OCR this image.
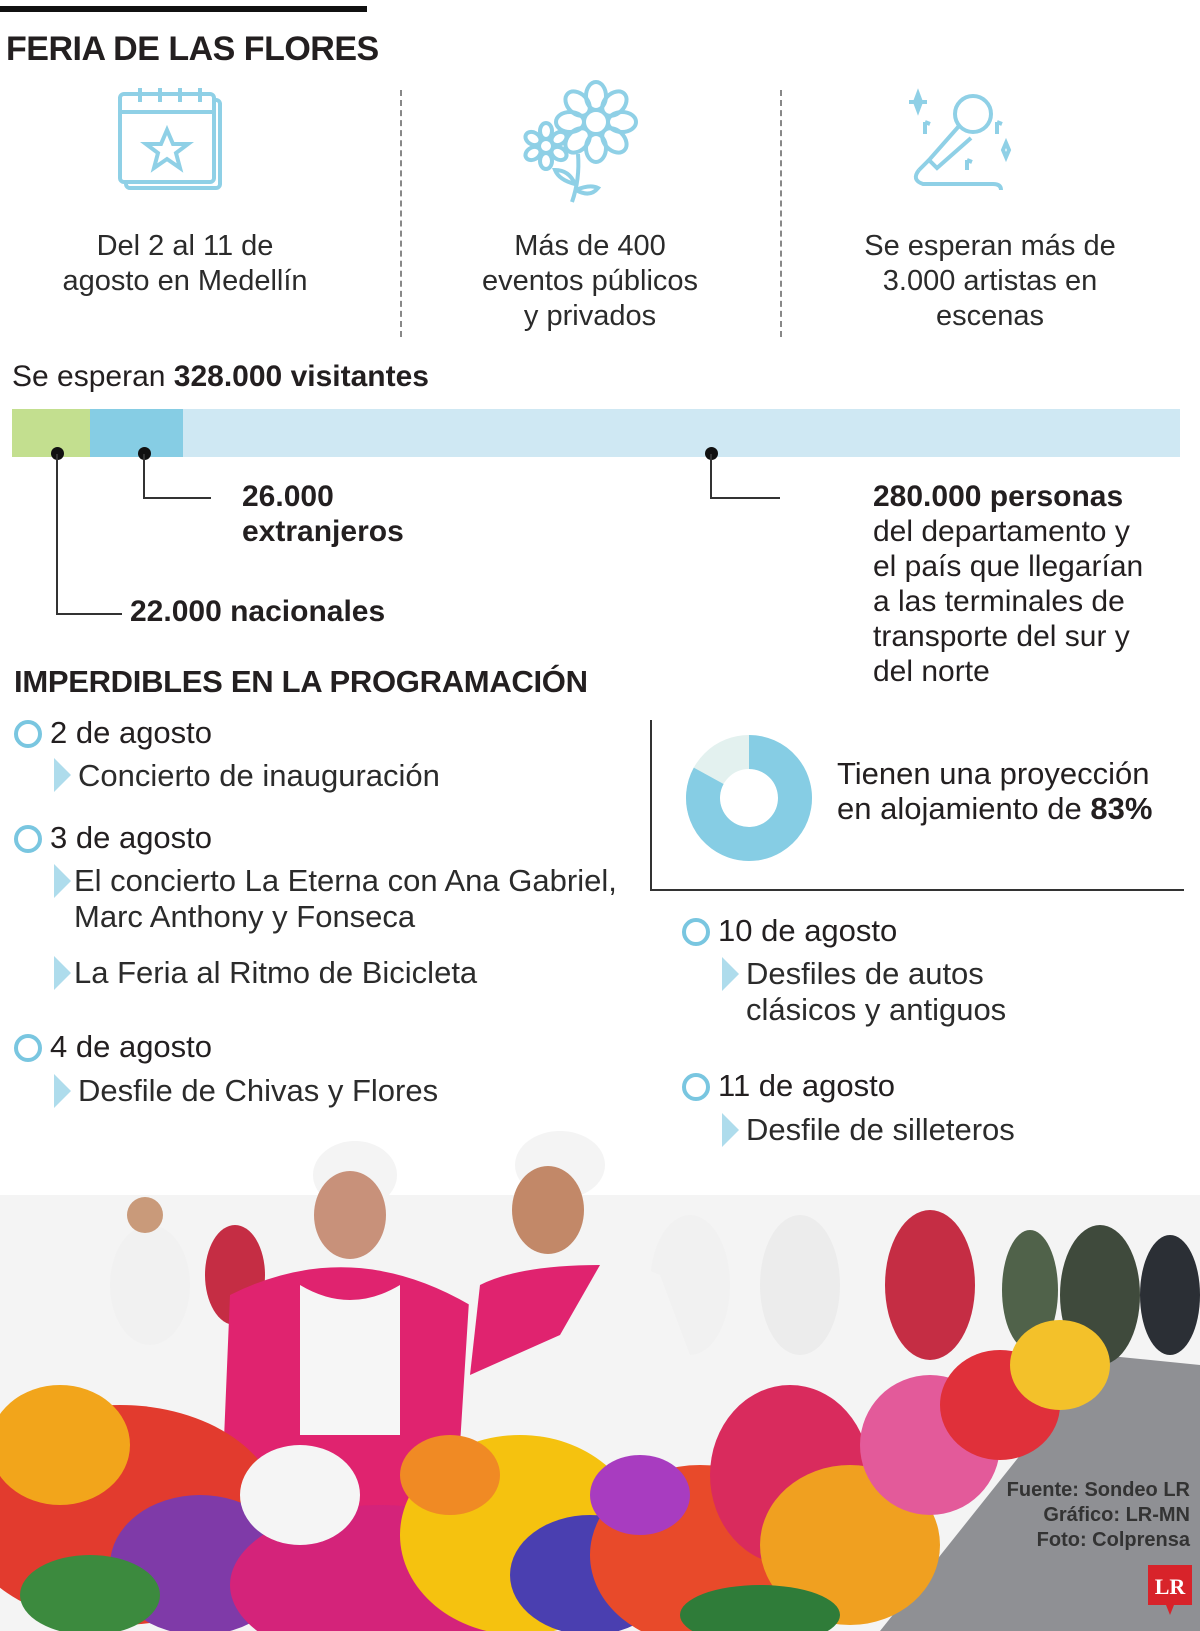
FERIA DE LAS FLORES
Del 2 al 11 de
agosto en Medellín
Más de 400
eventos públicos
y privados
Se esperan más de
3.000 artistas en
escenas
Se esperan 328.000 visitantes
22.000 nacionales
26.000
extranjeros
280.000 personas
del departamento y
el país que llegarían
a las terminales de
transporte del sur y
del norte
IMPERDIBLES EN LA PROGRAMACIÓN
2 de agosto
Concierto de inauguración
3 de agosto
El concierto La Eterna con Ana Gabriel,
Marc Anthony y Fonseca
La Feria al Ritmo de Bicicleta
4 de agosto
Desfile de Chivas y Flores
Tienen una proyección
en alojamiento de 83%
10 de agosto
Desfiles de autos
clásicos y antiguos
11 de agosto
Desfile de silleteros
Fuente: Sondeo LR
Gráfico: LR-MN
Foto: Colprensa
LR
